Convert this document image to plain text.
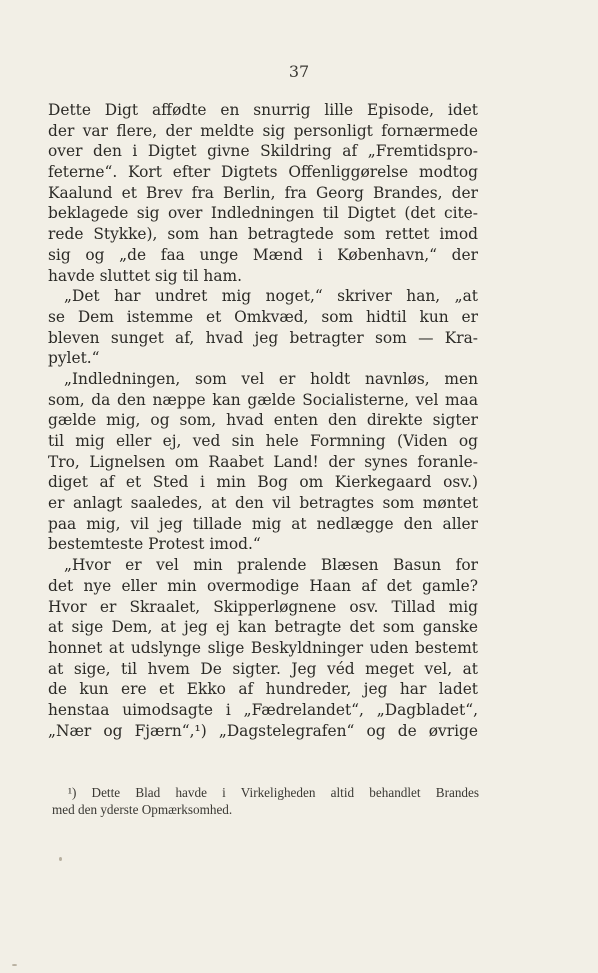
37
Dette Digt affødte en snurrig lille Episode, idet
der var flere, der meldte sig personligt fornærmede
over den i Digtet givne Skildring af „Fremtidspro-
feterne“. Kort efter Digtets Offenliggørelse modtog
Kaalund et Brev fra Berlin, fra Georg Brandes, der
beklagede sig over Indledningen til Digtet (det cite-
rede Stykke), som han betragtede som rettet imod
sig og „de faa unge Mænd i København,“ der
havde sluttet sig til ham.
„Det har undret mig noget,“ skriver han, „at
se Dem istemme et Omkvæd, som hidtil kun er
bleven sunget af, hvad jeg betragter som — Kra-
pylet.“
„Indledningen, som vel er holdt navnløs, men
som, da den næppe kan gælde Socialisterne, vel maa
gælde mig, og som, hvad enten den direkte sigter
til mig eller ej, ved sin hele Formning (Viden og
Tro, Lignelsen om Raabet Land! der synes foranle-
diget af et Sted i min Bog om Kierkegaard osv.)
er anlagt saaledes, at den vil betragtes som møntet
paa mig, vil jeg tillade mig at nedlægge den aller
bestemteste Protest imod.“
„Hvor er vel min pralende Blæsen Basun for
det nye eller min overmodige Haan af det gamle?
Hvor er Skraalet, Skipperløgnene osv. Tillad mig
at sige Dem, at jeg ej kan betragte det som ganske
honnet at udslynge slige Beskyldninger uden bestemt
at sige, til hvem De sigter. Jeg véd meget vel, at
de kun ere et Ekko af hundreder, jeg har ladet
henstaa uimodsagte i „Fædrelandet“, „Dagbladet“,
„Nær og Fjærn“,¹) „Dagstelegrafen“ og de øvrige
¹) Dette Blad havde i Virkeligheden altid behandlet Brandes
med den yderste Opmærksomhed.
